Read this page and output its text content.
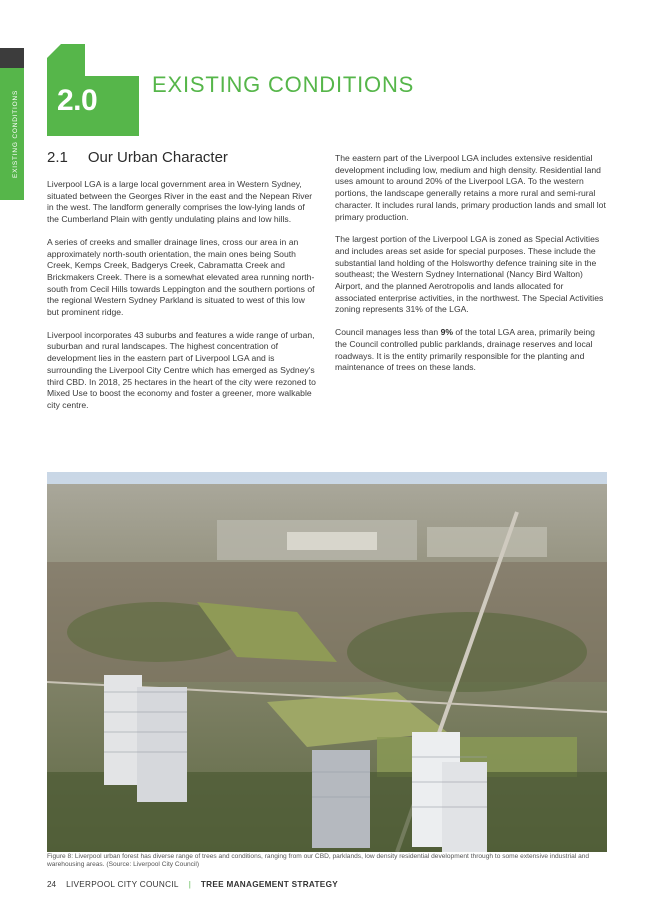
EXISTING CONDITIONS 2.0 EXISTING CONDITIONS
2.1 Our Urban Character

Liverpool LGA is a large local government area in Western Sydney, situated between the Georges River in the east and the Nepean River in the west. The landform generally comprises the low-lying lands of the Cumberland Plain with gently undulating plains and low hills.

A series of creeks and smaller drainage lines, cross our area in an approximately north-south orientation, the main ones being South Creek, Kemps Creek, Badgerys Creek, Cabramatta Creek and Brickmakers Creek. There is a somewhat elevated area running north-south from Cecil Hills towards Leppington and the southern portions of the regional Western Sydney Parkland is situated to west of this low but prominent ridge.

Liverpool incorporates 43 suburbs and features a wide range of urban, suburban and rural landscapes. The highest concentration of development lies in the eastern part of Liverpool LGA and is surrounding the Liverpool City Centre which has emerged as Sydney's third CBD. In 2018, 25 hectares in the heart of the city were rezoned to Mixed Use to boost the economy and foster a greener, more walkable city centre.

The eastern part of the Liverpool LGA includes extensive residential development including low, medium and high density. Residential land uses amount to around 20% of the Liverpool LGA. To the western portions, the landscape generally retains a more rural and semi-rural character. It includes rural lands, primary production lands and small lot primary production.

The largest portion of the Liverpool LGA is zoned as Special Activities and includes areas set aside for special purposes. These include the substantial land holding of the Holsworthy defence training site in the southeast; the Western Sydney International (Nancy Bird Walton) Airport, and the planned Aerotropolis and lands allocated for associated enterprise activities, in the northwest. The Special Activities zoning represents 31% of the LGA.

Council manages less than 9% of the total LGA area, primarily being the Council controlled public parklands, drainage reserves and local roadways. It is the entity primarily responsible for the planting and maintenance of trees on these lands.

Figure 8: Liverpool urban forest has diverse range of trees and conditions, ranging from our CBD, parklands, low density residential development through to some extensive industrial and warehousing areas. (Source: Liverpool City Council)
24 LIVERPOOL CITY COUNCIL | TREE MANAGEMENT STRATEGY
